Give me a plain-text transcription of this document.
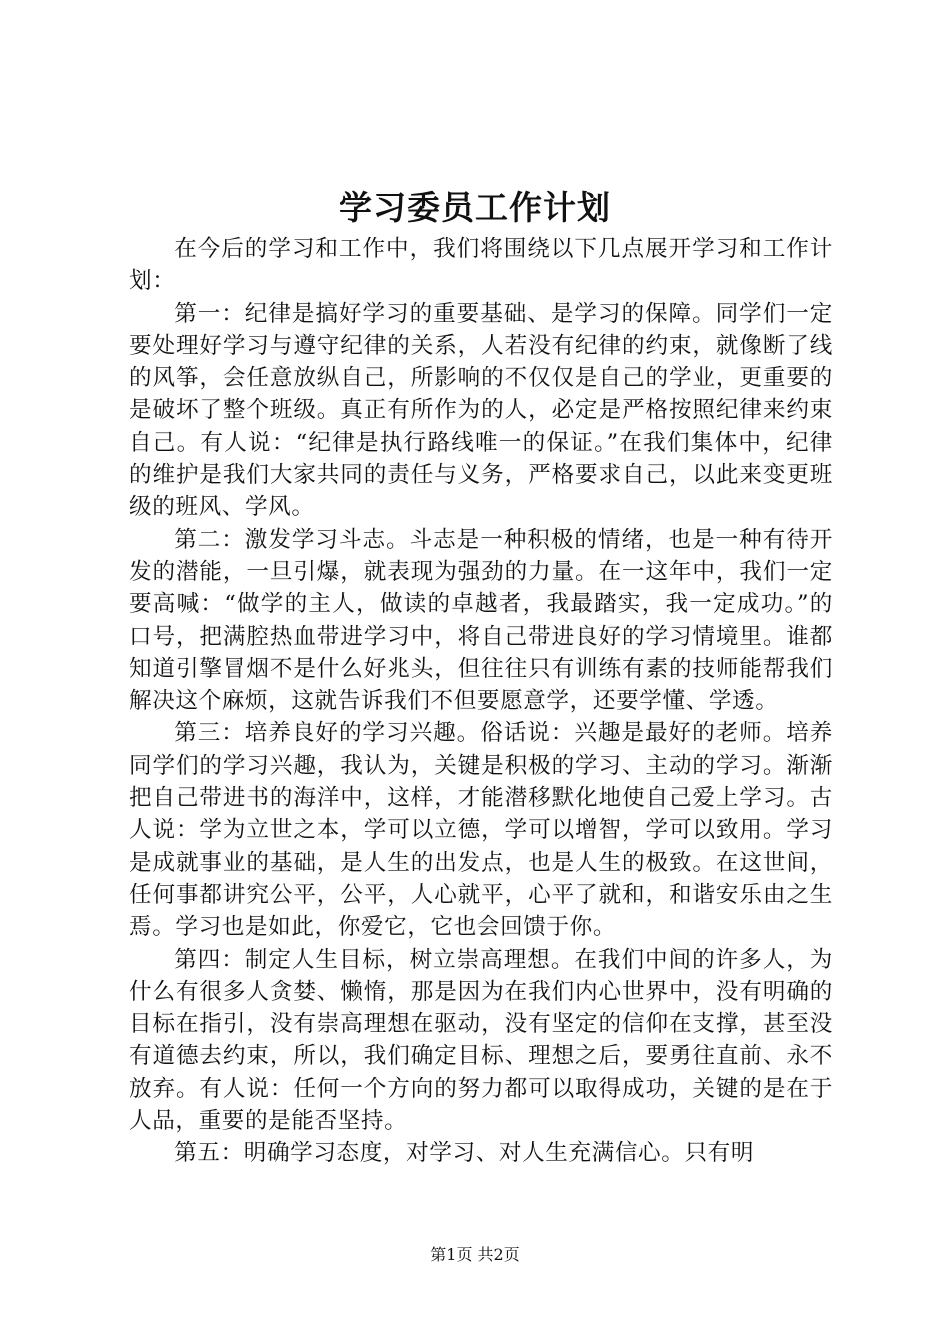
学习委员工作计划

在今后的学习和工作中，我们将围绕以下几点展开学习和工作计划：

第一：纪律是搞好学习的重要基础、是学习的保障。同学们一定要处理好学习与遵守纪律的关系，人若没有纪律的约束，就像断了线的风筝，会任意放纵自己，所影响的不仅仅是自己的学业，更重要的是破坏了整个班级。真正有所作为的人，必定是严格按照纪律来约束自己。有人说：“纪律是执行路线唯一的保证。”在我们集体中，纪律的维护是我们大家共同的责任与义务，严格要求自己，以此来变更班级的班风、学风。

第二：激发学习斗志。斗志是一种积极的情绪，也是一种有待开发的潜能，一旦引爆，就表现为强劲的力量。在一这年中，我们一定要高喊：“做学的主人，做读的卓越者，我最踏实，我一定成功。”的口号，把满腔热血带进学习中，将自己带进良好的学习情境里。谁都知道引擎冒烟不是什么好兆头，但往往只有训练有素的技师能帮我们解决这个麻烦，这就告诉我们不但要愿意学，还要学懂、学透。

第三：培养良好的学习兴趣。俗话说：兴趣是最好的老师。培养同学们的学习兴趣，我认为，关键是积极的学习、主动的学习。渐渐把自己带进书的海洋中，这样，才能潜移默化地使自己爱上学习。古人说：学为立世之本，学可以立德，学可以增智，学可以致用。学习是成就事业的基础，是人生的出发点，也是人生的极致。在这世间，任何事都讲究公平，公平，人心就平，心平了就和，和谐安乐由之生焉。学习也是如此，你爱它，它也会回馈于你。

第四：制定人生目标，树立崇高理想。在我们中间的许多人，为什么有很多人贪婪、懒惰，那是因为在我们内心世界中，没有明确的目标在指引，没有崇高理想在驱动，没有坚定的信仰在支撑，甚至没有道德去约束，所以，我们确定目标、理想之后，要勇往直前、永不放弃。有人说：任何一个方向的努力都可以取得成功，关键的是在于人品，重要的是能否坚持。

第五：明确学习态度，对学习、对人生充满信心。只有明

第1页 共2页
